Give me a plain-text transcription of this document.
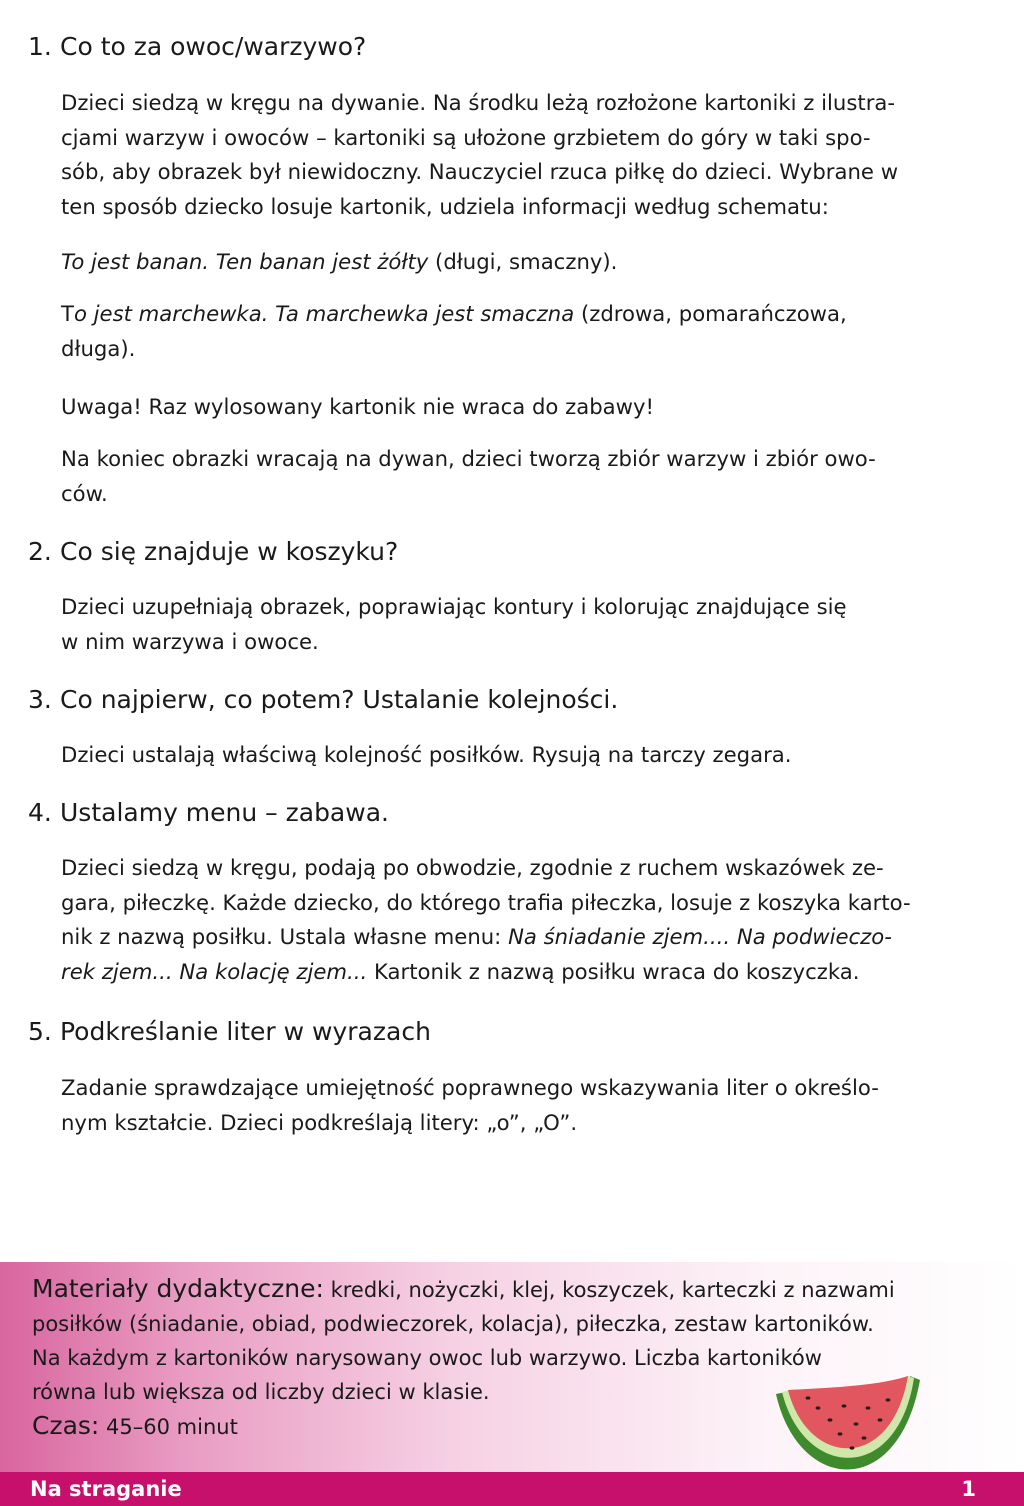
1. Co to za owoc/warzywo?
Dzieci siedzą w kręgu na dywanie. Na środku leżą rozłożone kartoniki z ilustra-
cjami warzyw i owoców – kartoniki są ułożone grzbietem do góry w taki spo-
sób, aby obrazek był niewidoczny. Nauczyciel rzuca piłkę do dzieci. Wybrane w
ten sposób dziecko losuje kartonik, udziela informacji według schematu:
To jest banan. Ten banan jest żółty (długi, smaczny).
To jest marchewka. Ta marchewka jest smaczna (zdrowa, pomarańczowa,
długa).
Uwaga! Raz wylosowany kartonik nie wraca do zabawy!
Na koniec obrazki wracają na dywan, dzieci tworzą zbiór warzyw i zbiór owo-
ców.
2. Co się znajduje w koszyku?
Dzieci uzupełniają obrazek, poprawiając kontury i kolorując znajdujące się
w nim warzywa i owoce.
3. Co najpierw, co potem? Ustalanie kolejności.
Dzieci ustalają właściwą kolejność posiłków. Rysują na tarczy zegara.
4. Ustalamy menu – zabawa.
Dzieci siedzą w kręgu, podają po obwodzie, zgodnie z ruchem wskazówek ze-
gara, piłeczkę. Każde dziecko, do którego trafia piłeczka, losuje z koszyka karto-
nik z nazwą posiłku. Ustala własne menu: Na śniadanie zjem.... Na podwieczo-
rek zjem... Na kolację zjem... Kartonik z nazwą posiłku wraca do koszyczka.
5. Podkreślanie liter w wyrazach
Zadanie sprawdzające umiejętność poprawnego wskazywania liter o określo-
nym kształcie. Dzieci podkreślają litery: „o”, „O”.
Materiały dydaktyczne: kredki, nożyczki, klej, koszyczek, karteczki z nazwami
posiłków (śniadanie, obiad, podwieczorek, kolacja), piłeczka, zestaw kartoników.
Na każdym z kartoników narysowany owoc lub warzywo. Liczba kartoników
równa lub większa od liczby dzieci w klasie.
Czas: 45–60 minut
Na straganie	1
